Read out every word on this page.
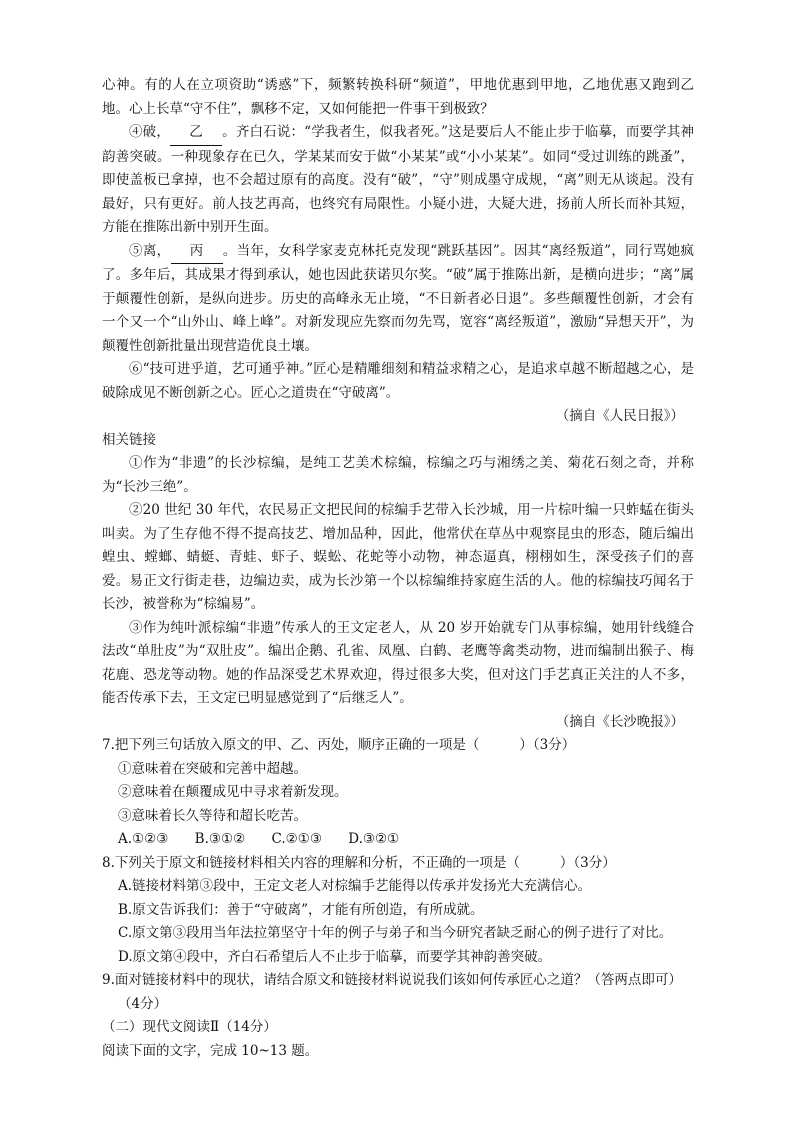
心神。有的人在立项资助“诱惑”下，频繁转换科研“频道”，甲地优惠到甲地，乙地优惠又跑到乙地。心上长草“守不住”，飘移不定，又如何能把一件事干到极致？

④破， 乙 。齐白石说：“学我者生，似我者死。”这是要后人不能止步于临摹，而要学其神韵善突破。一种现象存在已久，学某某而安于做“小某某”或“小小某某”。如同“受过训练的跳蚤”，即使盖板已拿掉，也不会超过原有的高度。没有“破”，“守”则成墨守成规，“离”则无从谈起。没有最好，只有更好。前人技艺再高，也终究有局限性。小疑小进，大疑大进，扬前人所长而补其短，方能在推陈出新中别开生面。

⑤离， 丙 。当年，女科学家麦克林托克发现“跳跃基因”。因其“离经叛道”，同行骂她疯了。多年后，其成果才得到承认，她也因此获诺贝尔奖。“破”属于推陈出新，是横向进步；“离”属于颠覆性创新，是纵向进步。历史的高峰永无止境，“不日新者必日退”。多些颠覆性创新，才会有一个又一个“山外山、峰上峰”。对新发现应先察而勿先骂，宽容“离经叛道”，激励“异想天开”，为颠覆性创新批量出现营造优良土壤。

⑥“技可进乎道，艺可通乎神。”匠心是精雕细刻和精益求精之心，是追求卓越不断超越之心，是破除成见不断创新之心。匠心之道贵在“守破离”。

（摘自《人民日报》）

相关链接

①作为“非遗”的长沙棕编，是纯工艺美术棕编，棕编之巧与湘绣之美、菊花石刻之奇，并称为“长沙三绝”。

②20 世纪 30 年代，农民易正文把民间的棕编手艺带入长沙城，用一片棕叶编一只蚱蜢在街头叫卖。为了生存他不得不提高技艺、增加品种，因此，他常伏在草丛中观察昆虫的形态，随后编出蝗虫、螳螂、蜻蜓、青蛙、虾子、蜈蚣、花蛇等小动物，神态逼真，栩栩如生，深受孩子们的喜爱。易正文行街走巷，边编边卖，成为长沙第一个以棕编维持家庭生活的人。他的棕编技巧闻名于长沙，被誉称为“棕编易”。

③作为纯叶派棕编“非遗”传承人的王文定老人，从 20 岁开始就专门从事棕编，她用针线缝合法改“单肚皮”为“双肚皮”。编出企鹅、孔雀、凤凰、白鹤、老鹰等禽类动物，进而编制出猴子、梅花鹿、恐龙等动物。她的作品深受艺术界欢迎，得过很多大奖，但对这门手艺真正关注的人不多，能否传承下去，王文定已明显感觉到了“后继乏人”。

（摘自《长沙晚报》）

7.把下列三句话放入原文的甲、乙、丙处，顺序正确的一项是（	）（3分）

①意味着在突破和完善中超越。

②意味着在颠覆成见中寻求着新发现。

③意味着长久等待和超长吃苦。

A.①②③ B.③①② C.②①③ D.③②①

8.下列关于原文和链接材料相关内容的理解和分析，不正确的一项是（	）（3分）

A.链接材料第③段中，王定文老人对棕编手艺能得以传承并发扬光大充满信心。

B.原文告诉我们：善于“守破离”，才能有所创造，有所成就。

C.原文第③段用当年法拉第坚守十年的例子与弟子和当今研究者缺乏耐心的例子进行了对比。

D.原文第④段中，齐白石希望后人不止步于临摹，而要学其神韵善突破。

9.面对链接材料中的现状，请结合原文和链接材料说说我们该如何传承匠心之道？（答两点即可）

（4分）

（二）现代文阅读Ⅱ（14分）

阅读下面的文字，完成 10~13 题。
